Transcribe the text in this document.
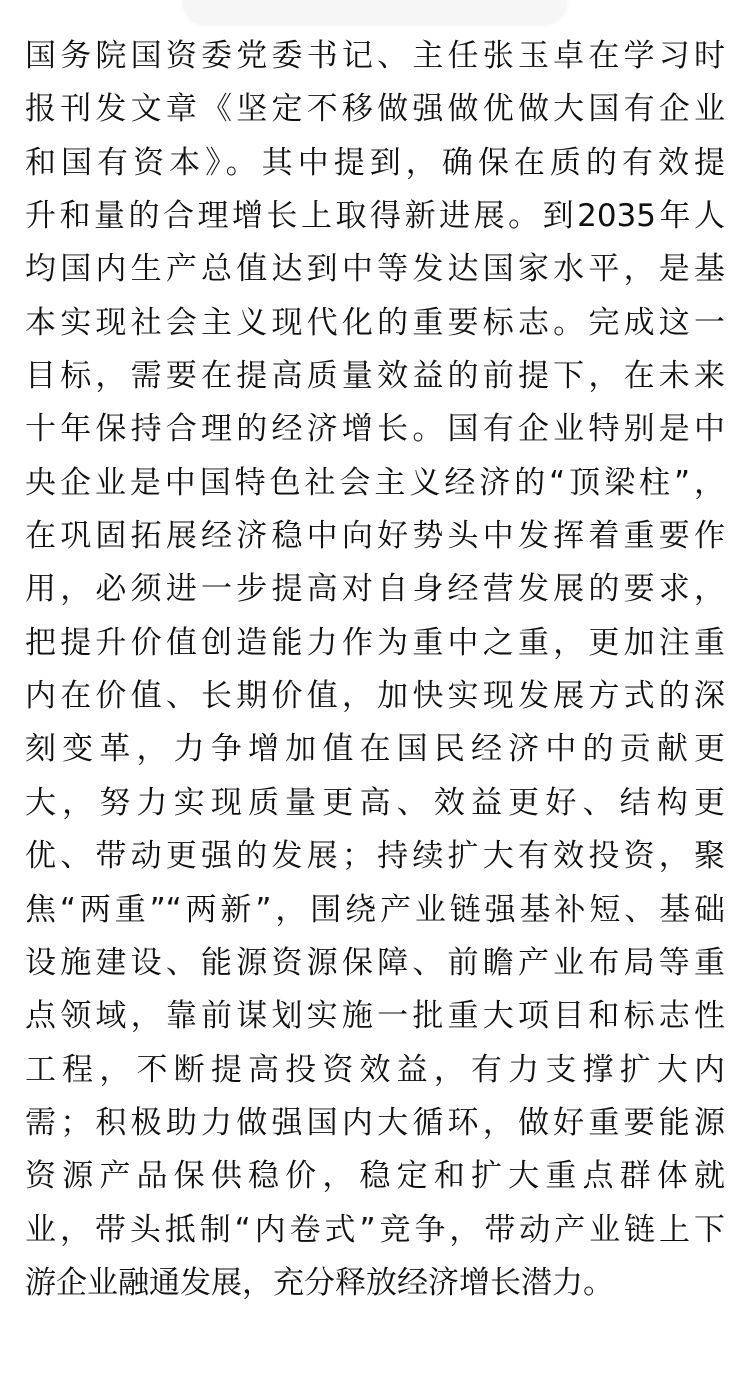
国务院国资委党委书记、主任张玉卓在学习时
报刊发文章《坚定不移做强做优做大国有企业
和国有资本》。其中提到，确保在质的有效提
升和量的合理增长上取得新进展。到2035年人
均国内生产总值达到中等发达国家水平，是基
本实现社会主义现代化的重要标志。完成这一
目标，需要在提高质量效益的前提下，在未来
十年保持合理的经济增长。国有企业特别是中
央企业是中国特色社会主义经济的“顶梁柱”，
在巩固拓展经济稳中向好势头中发挥着重要作
用，必须进一步提高对自身经营发展的要求，
把提升价值创造能力作为重中之重，更加注重
内在价值、长期价值，加快实现发展方式的深
刻变革，力争增加值在国民经济中的贡献更
大，努力实现质量更高、效益更好、结构更
优、带动更强的发展；持续扩大有效投资，聚
焦“两重”“两新”，围绕产业链强基补短、基础
设施建设、能源资源保障、前瞻产业布局等重
点领域，靠前谋划实施一批重大项目和标志性
工程，不断提高投资效益，有力支撑扩大内
需；积极助力做强国内大循环，做好重要能源
资源产品保供稳价，稳定和扩大重点群体就
业，带头抵制“内卷式”竞争，带动产业链上下
游企业融通发展，充分释放经济增长潜力。
